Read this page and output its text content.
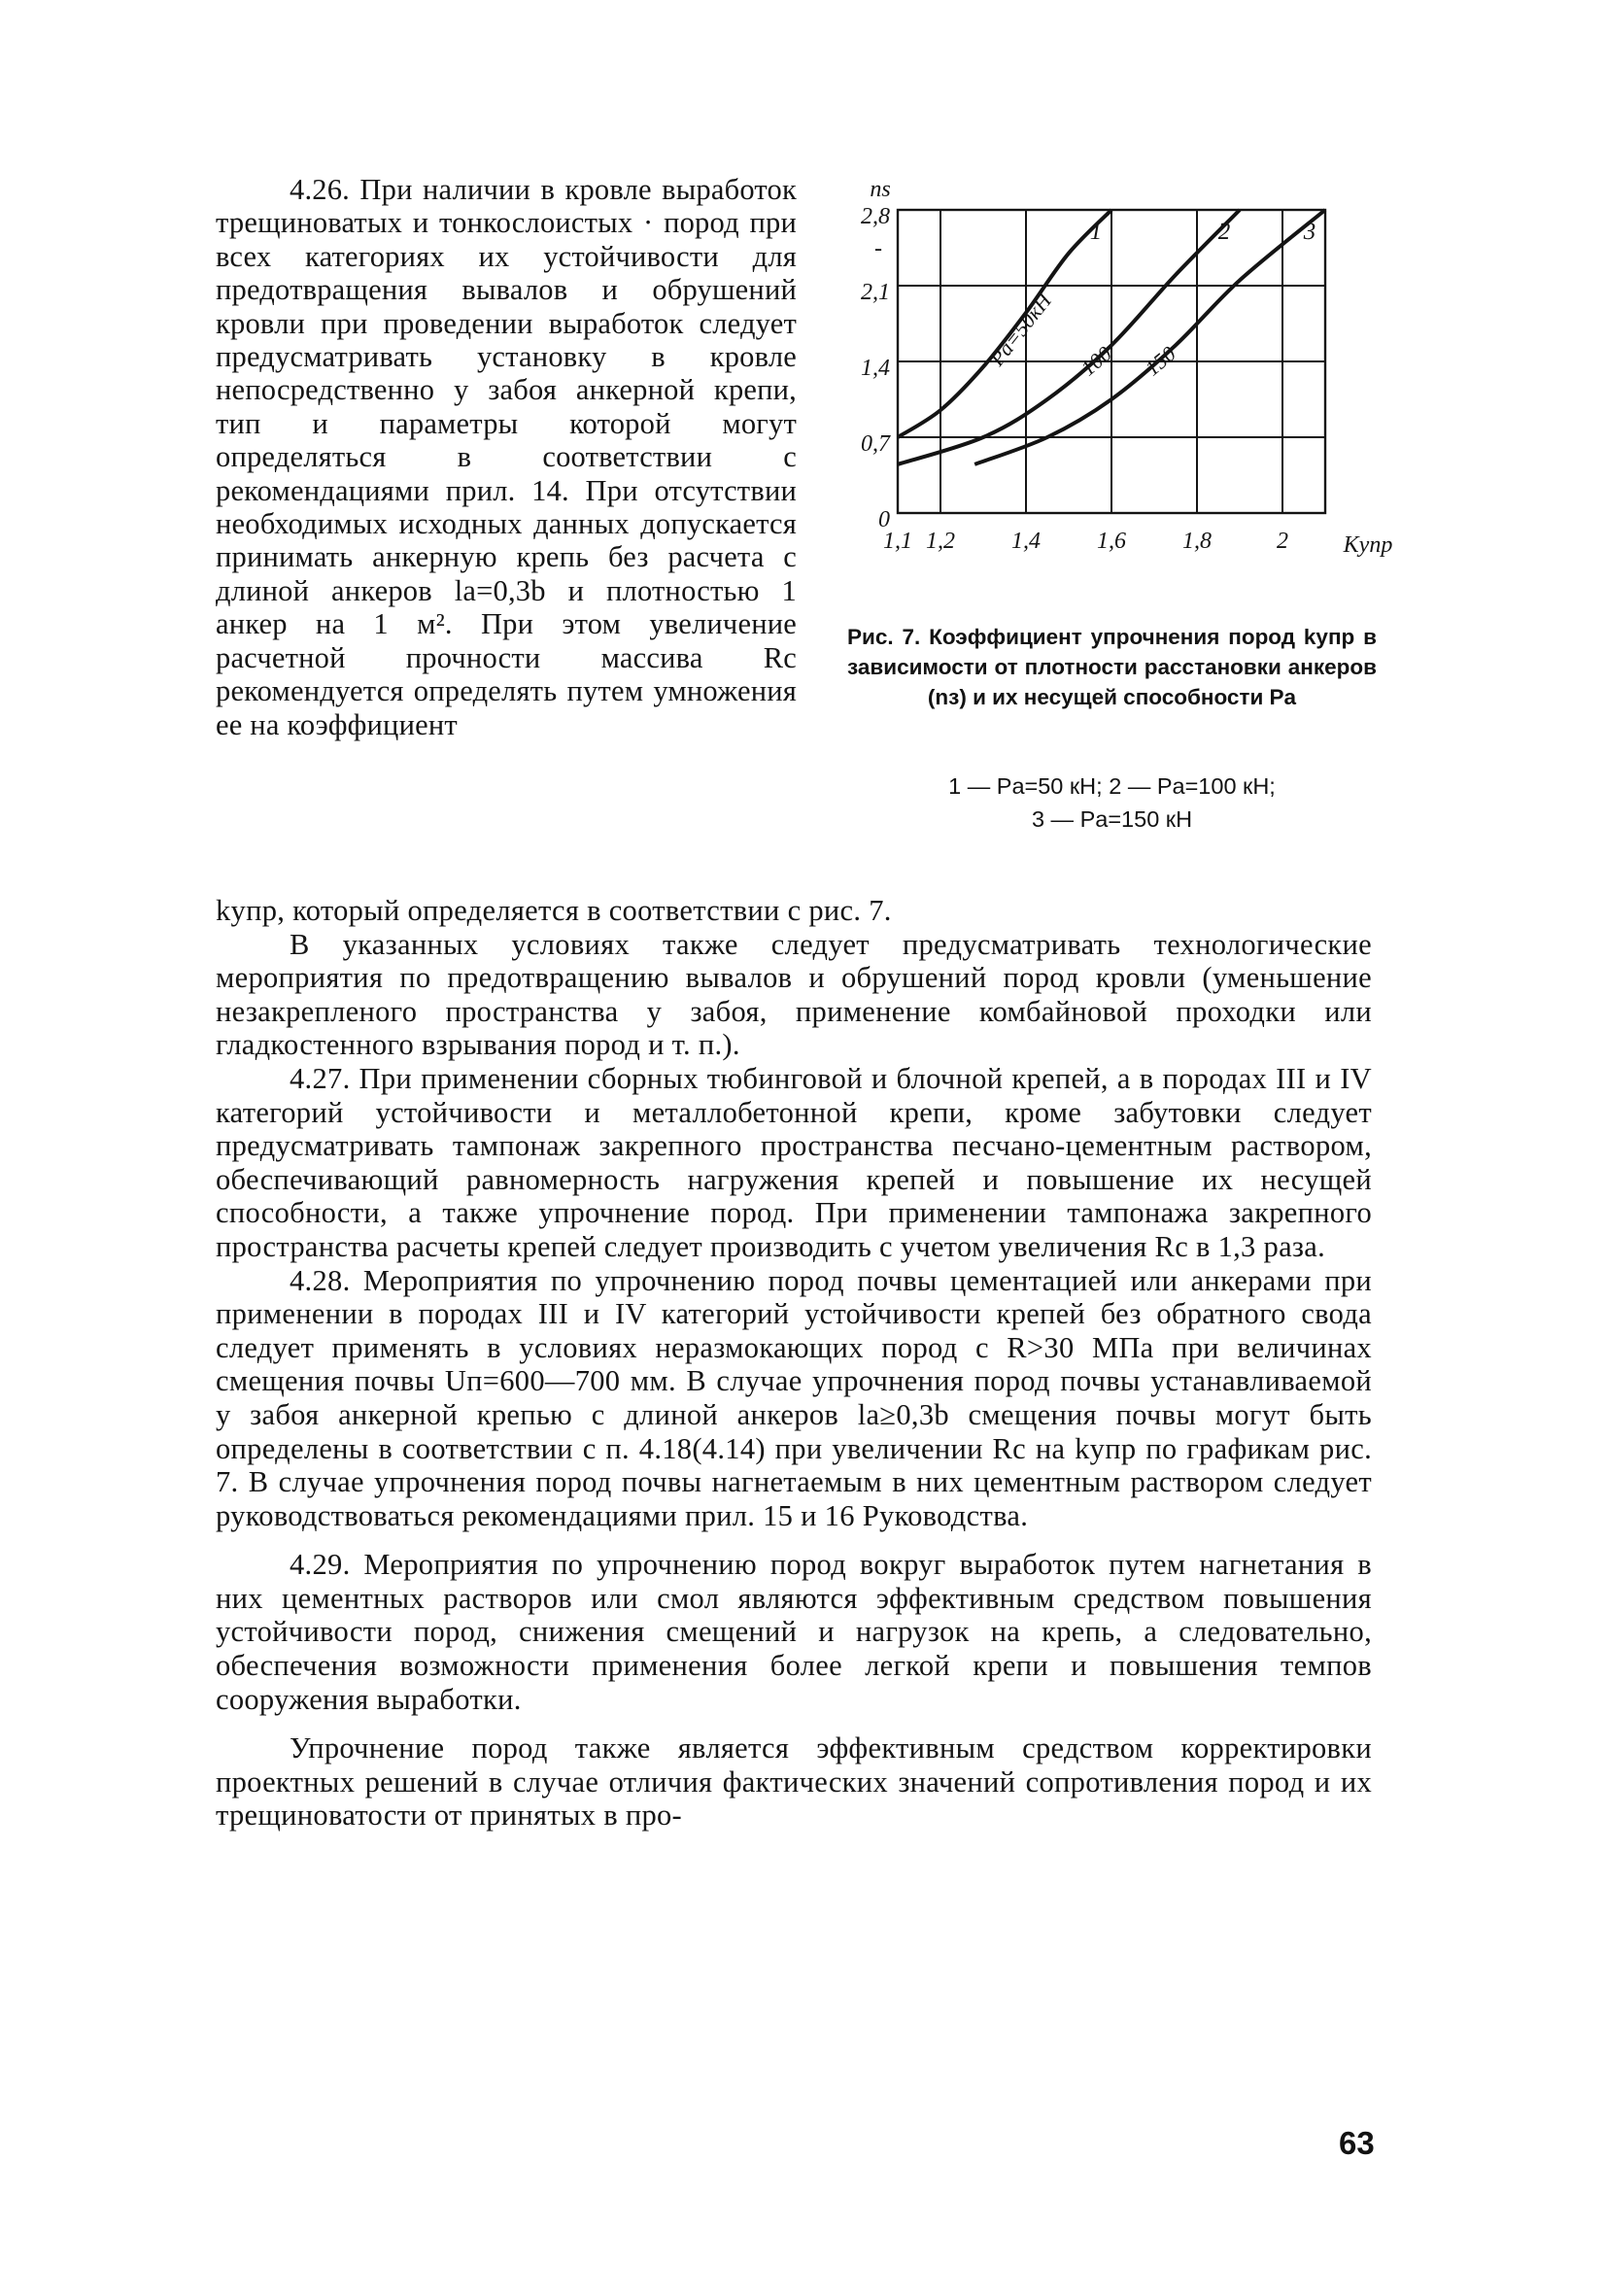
4.26. При наличии в кровле выработок трещиноватых и тонкослоистых · пород при всех категориях их устойчивости для предотвращения вывалов и обрушений кровли при проведении выработок следует предусматривать установку в кровле непосредственно у забоя анкерной крепи, тип и параметры которой могут определяться в соответствии с рекомендациями прил. 14. При отсутствии необходимых исходных данных допускается принимать анкерную крепь без расчета с длиной анкеров lа=0,3b и плотностью 1 анкер на 1 м². При этом увеличение расчетной прочности массива Rс рекомендуется определять путем умножения ее на коэффициент

1,1 1,2 1,4 1,6 1,8	2
0
0,7
1,4
2,1
2,8
-
ns
Kупр
1
Pа=50кН
2
100
3
150
Рис. 7. Коэффициент упрочнения пород kупр в зависимости от плотности расстановки анкеров (nз) и их несущей способности Pа
1 — Pа=50 кН; 2 — Pа=100 кН;
3 — Pа=150 кН

kупр, который определяется в соответствии с рис. 7.

В указанных условиях также следует предусматривать технологические мероприятия по предотвращению вывалов и обрушений пород кровли (уменьшение незакрепленого пространства у забоя, применение комбайновой проходки или гладкостенного взрывания пород и т. п.).

4.27. При применении сборных тюбинговой и блочной крепей, а в породах III и IV категорий устойчивости и металлобетонной крепи, кроме забутовки следует предусматривать тампонаж закрепного пространства песчано-цементным раствором, обеспечивающий равномерность нагружения крепей и повышение их несущей способности, а также упрочнение пород. При применении тампонажа закрепного пространства расчеты крепей следует производить с учетом увеличения Rс в 1,3 раза.

4.28. Мероприятия по упрочнению пород почвы цементацией или анкерами при применении в породах III и IV категорий устойчивости крепей без обратного свода следует применять в условиях неразмокающих пород с R>30 МПа при величинах смещения почвы Uп=600—700 мм. В случае упрочнения пород почвы устанавливаемой у забоя анкерной крепью с длиной анкеров lа≥0,3b смещения почвы могут быть определены в соответствии с п. 4.18(4.14) при увеличении Rс на kупр по графикам рис. 7. В случае упрочнения пород почвы нагнетаемым в них цементным раствором следует руководствоваться рекомендациями прил. 15 и 16 Руководства.

4.29. Мероприятия по упрочнению пород вокруг выработок путем нагнетания в них цементных растворов или смол являются эффективным средством повышения устойчивости пород, снижения смещений и нагрузок на крепь, а следовательно, обеспечения возможности применения более легкой крепи и повышения темпов сооружения выработки.

Упрочнение пород также является эффективным средством корректировки проектных решений в случае отличия фактических значений сопротивления пород и их трещиноватости от принятых в про-

63
